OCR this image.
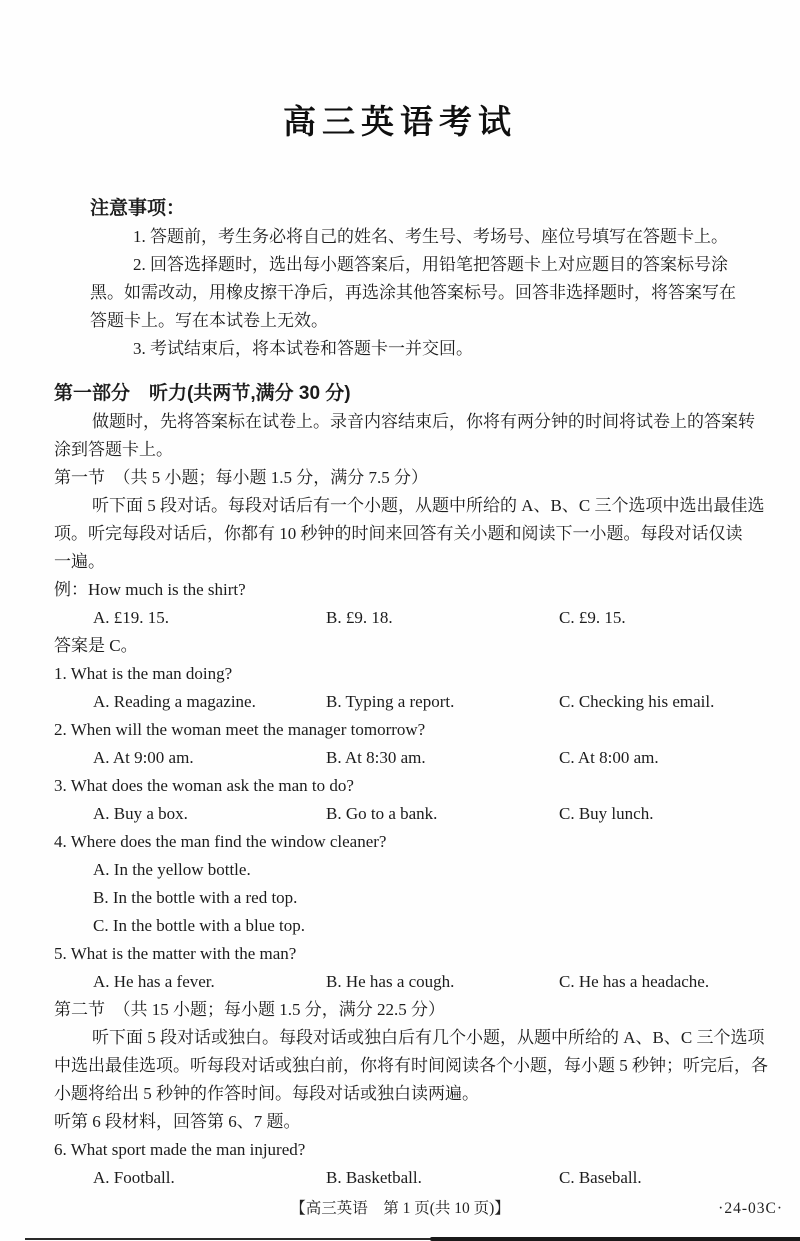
高三英语考试
注意事项：
1. 答题前，考生务必将自己的姓名、考生号、考场号、座位号填写在答题卡上。
2. 回答选择题时，选出每小题答案后，用铅笔把答题卡上对应题目的答案标号涂
黑。如需改动，用橡皮擦干净后，再选涂其他答案标号。回答非选择题时，将答案写在
答题卡上。写在本试卷上无效。
3. 考试结束后，将本试卷和答题卡一并交回。
第一部分　听力(共两节,满分 30 分)
做题时，先将答案标在试卷上。录音内容结束后，你将有两分钟的时间将试卷上的答案转
涂到答题卡上。
第一节　（共 5 小题；每小题 1.5 分，满分 7.5 分）
听下面 5 段对话。每段对话后有一个小题，从题中所给的 A、B、C 三个选项中选出最佳选
项。听完每段对话后，你都有 10 秒钟的时间来回答有关小题和阅读下一小题。每段对话仅读
一遍。
例：How much is the shirt?
A. £19. 15.	B. £9. 18.	C. £9. 15.
答案是 C。
1. What is the man doing?
A. Reading a magazine.	B. Typing a report.	C. Checking his email.
2. When will the woman meet the manager tomorrow?
A. At 9:00 am.	B. At 8:30 am.	C. At 8:00 am.
3. What does the woman ask the man to do?
A. Buy a box.	B. Go to a bank.	C. Buy lunch.
4. Where does the man find the window cleaner?
A. In the yellow bottle.
B. In the bottle with a red top.
C. In the bottle with a blue top.
5. What is the matter with the man?
A. He has a fever.	B. He has a cough.	C. He has a headache.
第二节　（共 15 小题；每小题 1.5 分，满分 22.5 分）
听下面 5 段对话或独白。每段对话或独白后有几个小题，从题中所给的 A、B、C 三个选项
中选出最佳选项。听每段对话或独白前，你将有时间阅读各个小题，每小题 5 秒钟；听完后，各
小题将给出 5 秒钟的作答时间。每段对话或独白读两遍。
听第 6 段材料，回答第 6、7 题。
6. What sport made the man injured?
A. Football.	B. Basketball.	C. Baseball.
【高三英语　第 1 页(共 10 页)】	·24-03C·
